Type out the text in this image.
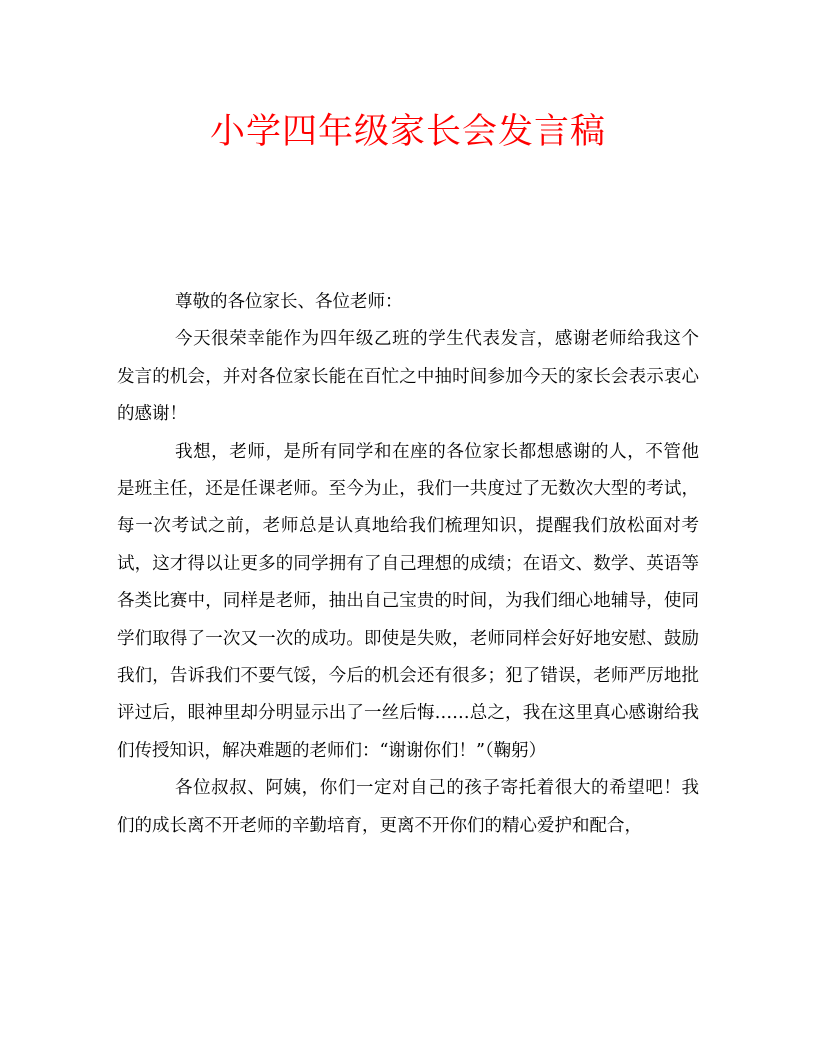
小学四年级家长会发言稿

尊敬的各位家长、各位老师：

今天很荣幸能作为四年级乙班的学生代表发言，感谢老师给我这个发言的机会，并对各位家长能在百忙之中抽时间参加今天的家长会表示衷心的感谢！

我想，老师，是所有同学和在座的各位家长都想感谢的人，不管他是班主任，还是任课老师。至今为止，我们一共度过了无数次大型的考试，每一次考试之前，老师总是认真地给我们梳理知识，提醒我们放松面对考试，这才得以让更多的同学拥有了自己理想的成绩；在语文、数学、英语等各类比赛中，同样是老师，抽出自己宝贵的时间，为我们细心地辅导，使同学们取得了一次又一次的成功。即使是失败，老师同样会好好地安慰、鼓励我们，告诉我们不要气馁，今后的机会还有很多；犯了错误，老师严厉地批评过后，眼神里却分明显示出了一丝后悔……总之，我在这里真心感谢给我们传授知识，解决难题的老师们：“谢谢你们！”（鞠躬）

各位叔叔、阿姨，你们一定对自己的孩子寄托着很大的希望吧！我们的成长离不开老师的辛勤培育，更离不开你们的精心爱护和配合，
